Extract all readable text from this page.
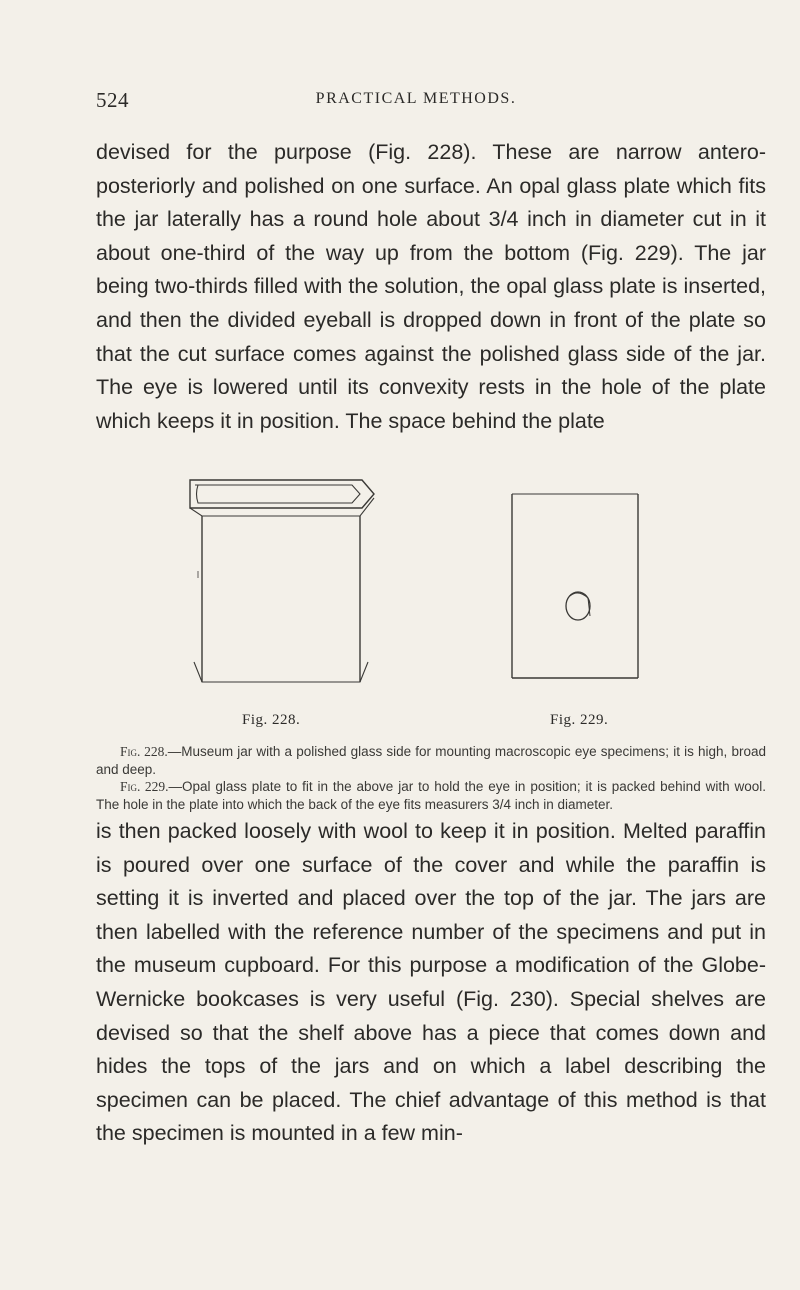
524	PRACTICAL METHODS.

devised for the purpose (Fig. 228). These are narrow antero-posteriorly and polished on one surface. An opal glass plate which fits the jar laterally has a round hole about 3/4 inch in diameter cut in it about one-third of the way up from the bottom (Fig. 229). The jar being two-thirds filled with the solution, the opal glass plate is inserted, and then the divided eyeball is dropped down in front of the plate so that the cut surface comes against the polished glass side of the jar. The eye is lowered until its convexity rests in the hole of the plate which keeps it in position. The space behind the plate

Fig. 228.	Fig. 229.

Fig. 228.—Museum jar with a polished glass side for mounting macroscopic eye specimens; it is high, broad and deep.

Fig. 229.—Opal glass plate to fit in the above jar to hold the eye in position; it is packed behind with wool. The hole in the plate into which the back of the eye fits measurers 3/4 inch in diameter.

is then packed loosely with wool to keep it in position. Melted paraffin is poured over one surface of the cover and while the paraffin is setting it is inverted and placed over the top of the jar. The jars are then labelled with the reference number of the specimens and put in the museum cupboard. For this purpose a modification of the Globe-Wernicke bookcases is very useful (Fig. 230). Special shelves are devised so that the shelf above has a piece that comes down and hides the tops of the jars and on which a label describing the specimen can be placed. The chief advantage of this method is that the specimen is mounted in a few min-
